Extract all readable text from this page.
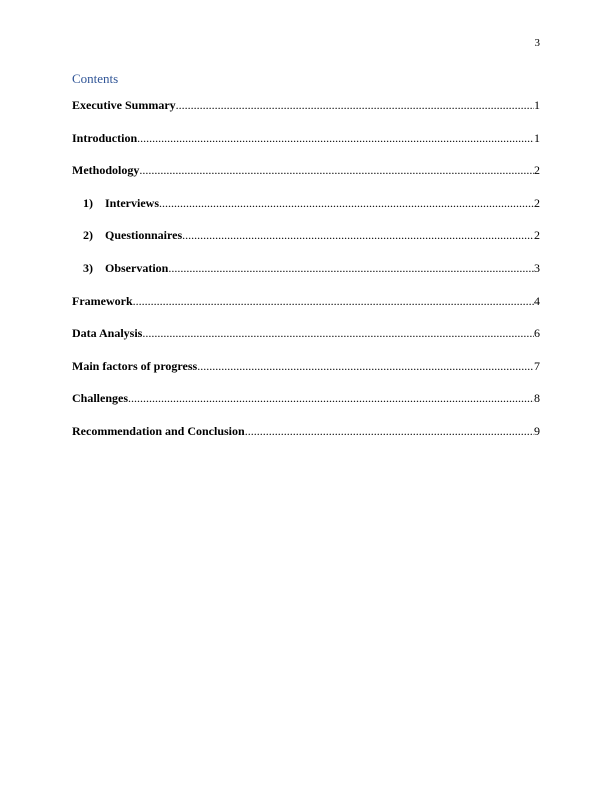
3
Contents
Executive Summary .....	1
Introduction .....	1
Methodology .....	2
1)	Interviews .....	2
2)	Questionnaires .....	2
3)	Observation .....	3
Framework .....	4
Data Analysis .....	6
Main factors of progress .....	7
Challenges .....	8
Recommendation and Conclusion .....	9
